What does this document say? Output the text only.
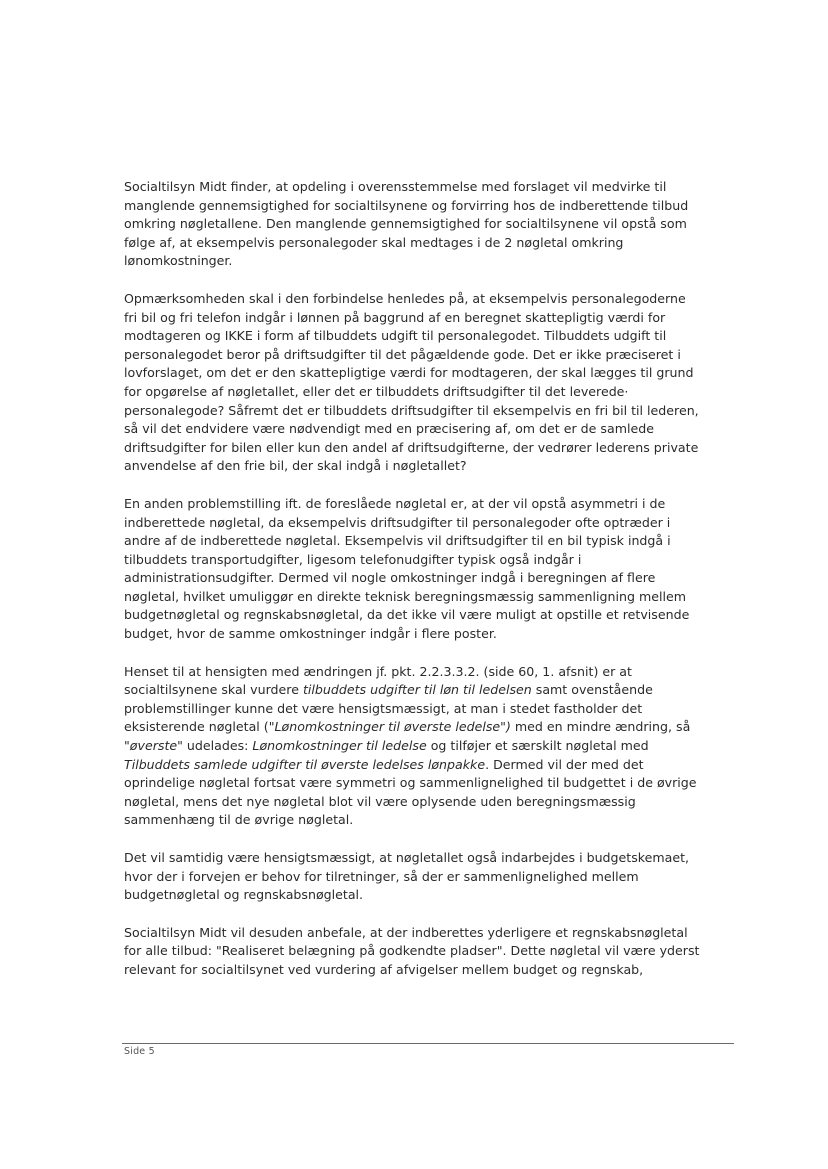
Socialtilsyn Midt finder, at opdeling i overensstemmelse med forslaget vil medvirke til
manglende gennemsigtighed for socialtilsynene og forvirring hos de indberettende tilbud
omkring nøgletallene. Den manglende gennemsigtighed for socialtilsynene vil opstå som
følge af, at eksempelvis personalegoder skal medtages i de 2 nøgletal omkring
lønomkostninger.

Opmærksomheden skal i den forbindelse henledes på, at eksempelvis personalegoderne
fri bil og fri telefon indgår i lønnen på baggrund af en beregnet skattepligtig værdi for
modtageren og IKKE i form af tilbuddets udgift til personalegodet. Tilbuddets udgift til
personalegodet beror på driftsudgifter til det pågældende gode. Det er ikke præciseret i
lovforslaget, om det er den skattepligtige værdi for modtageren, der skal lægges til grund
for opgørelse af nøgletallet, eller det er tilbuddets driftsudgifter til det leverede·
personalegode? Såfremt det er tilbuddets driftsudgifter til eksempelvis en fri bil til lederen,
så vil det endvidere være nødvendigt med en præcisering af, om det er de samlede
driftsudgifter for bilen eller kun den andel af driftsudgifterne, der vedrører lederens private
anvendelse af den frie bil, der skal indgå i nøgletallet?

En anden problemstilling ift. de foreslåede nøgletal er, at der vil opstå asymmetri i de
indberettede nøgletal, da eksempelvis driftsudgifter til personalegoder ofte optræder i
andre af de indberettede nøgletal. Eksempelvis vil driftsudgifter til en bil typisk indgå i
tilbuddets transportudgifter, ligesom telefonudgifter typisk også indgår i
administrationsudgifter. Dermed vil nogle omkostninger indgå i beregningen af flere
nøgletal, hvilket umuliggør en direkte teknisk beregningsmæssig sammenligning mellem
budgetnøgletal og regnskabsnøgletal, da det ikke vil være muligt at opstille et retvisende
budget, hvor de samme omkostninger indgår i flere poster.

Henset til at hensigten med ændringen jf. pkt. 2.2.3.3.2. (side 60, 1. afsnit) er at
socialtilsynene skal vurdere tilbuddets udgifter til løn til ledelsen samt ovenstående
problemstillinger kunne det være hensigtsmæssigt, at man i stedet fastholder det
eksisterende nøgletal ("Lønomkostninger til øverste ledelse") med en mindre ændring, så
"øverste" udelades: Lønomkostninger til ledelse og tilføjer et særskilt nøgletal med
Tilbuddets samlede udgifter til øverste ledelses lønpakke. Dermed vil der med det
oprindelige nøgletal fortsat være symmetri og sammenlignelighed til budgettet i de øvrige
nøgletal, mens det nye nøgletal blot vil være oplysende uden beregningsmæssig
sammenhæng til de øvrige nøgletal.

Det vil samtidig være hensigtsmæssigt, at nøgletallet også indarbejdes i budgetskemaet,
hvor der i forvejen er behov for tilretninger, så der er sammenlignelighed mellem
budgetnøgletal og regnskabsnøgletal.

Socialtilsyn Midt vil desuden anbefale, at der indberettes yderligere et regnskabsnøgletal
for alle tilbud: "Realiseret belægning på godkendte pladser". Dette nøgletal vil være yderst
relevant for socialtilsynet ved vurdering af afvigelser mellem budget og regnskab,

Side 5
